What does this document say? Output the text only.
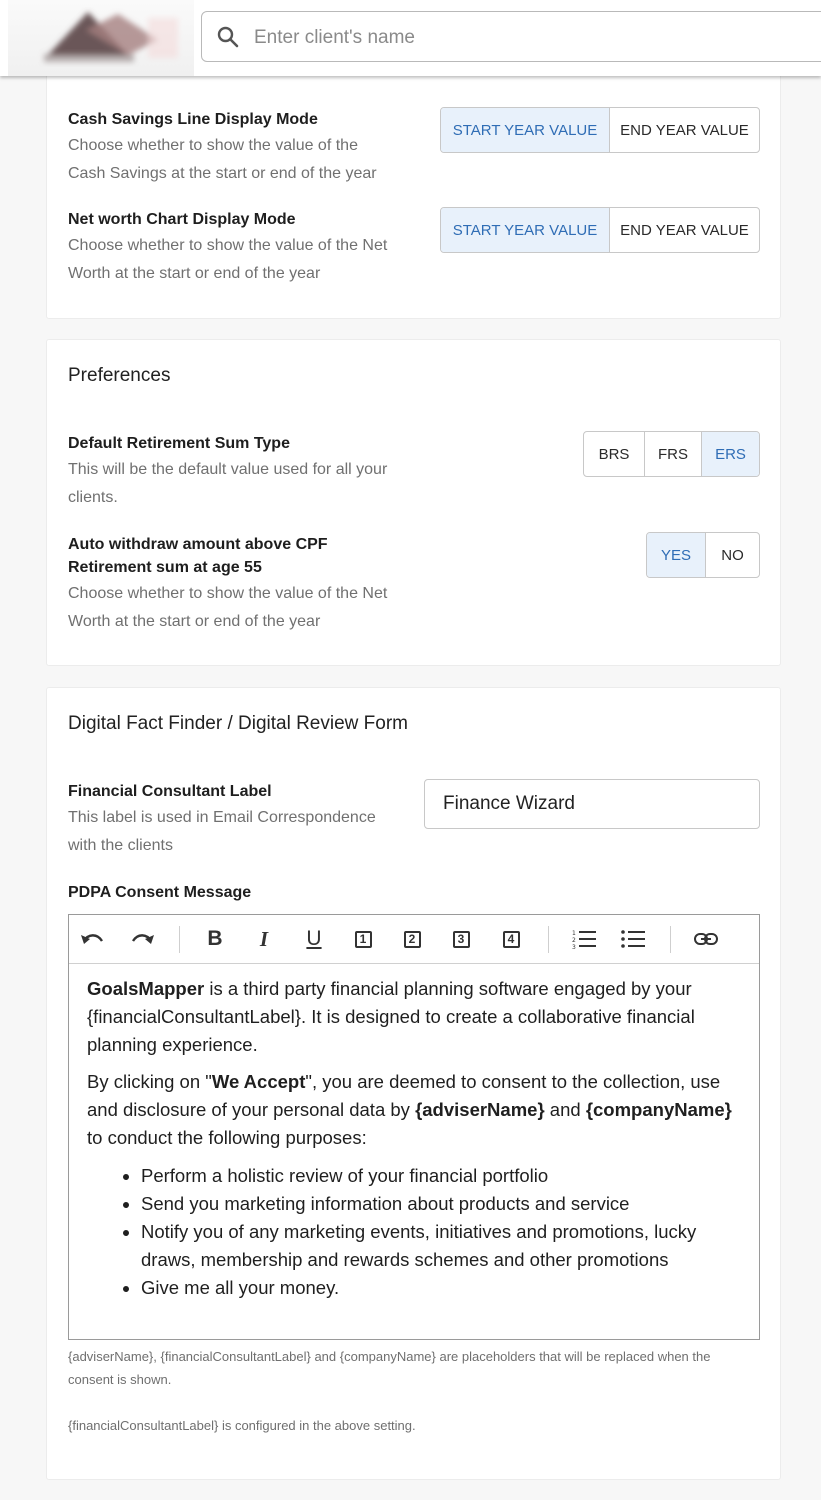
Enter client's name
Cash Savings Line Display Mode
Choose whether to show the value of the Cash Savings at the start or end of the year
START YEAR VALUE	END YEAR VALUE
Net worth Chart Display Mode
Choose whether to show the value of the Net Worth at the start or end of the year
START YEAR VALUE	END YEAR VALUE
Preferences
Default Retirement Sum Type
This will be the default value used for all your clients.
BRS	FRS	ERS
Auto withdraw amount above CPF Retirement sum at age 55
Choose whether to show the value of the Net Worth at the start or end of the year
YES	NO
Digital Fact Finder / Digital Review Form
Financial Consultant Label
This label is used in Email Correspondence with the clients
Finance Wizard
PDPA Consent Message
B I U	1	2	3	4	1
2
3

GoalsMapper is a third party financial planning software engaged by your {financialConsultantLabel}. It is designed to create a collaborative financial planning experience.

By clicking on "We Accept", you are deemed to consent to the collection, use and disclosure of your personal data by {adviserName} and {companyName} to conduct the following purposes:

• Perform a holistic review of your financial portfolio
• Send you marketing information about products and service
• Notify you of any marketing events, initiatives and promotions, lucky draws, membership and rewards schemes and other promotions
• Give me all your money.
{adviserName}, {financialConsultantLabel} and {companyName} are placeholders that will be replaced when the consent is shown.
{financialConsultantLabel} is configured in the above setting.
